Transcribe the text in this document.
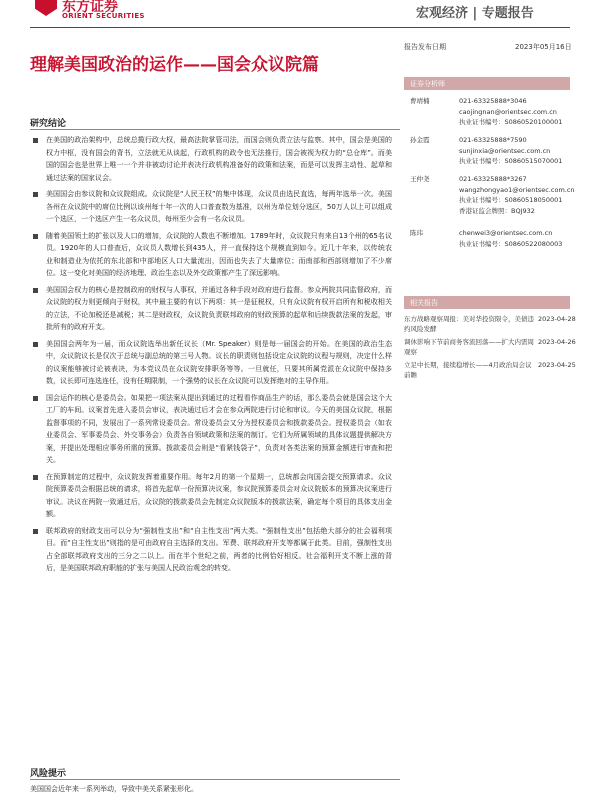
东方证券
ORIENT SECURITIES	宏观经济 | 专题报告
理解美国政治的运作——国会众议院篇
报告发布日期	2023年05月16日
研究结论
在美国的政治架构中，总统总揽行政大权，最高法院掌管司法，而国会则负责立法与监察。其中，国会是美国的权力中枢，没有国会的背书，立法就无从谈起，行政机构的政令也无法推行，国会被视为权力的“总仓库”。而美国的国会也是世界上唯一一个并非被动讨论并表决行政机构准备好的政策和法案，而是可以发挥主动性、起草和通过法案的国家议会。
美国国会由参议院和众议院组成。众议院是“人民王权”的集中体现，众议员由选民直选，每两年选举一次。美国各州在众议院中的席位比例以该州每十年一次的人口普查数为基准，以州为单位划分选区，50万人以上可以组成一个选区，一个选区产生一名众议员，每州至少会有一名众议员。
随着美国领土的扩张以及人口的增加，众议院的人数也不断增加。1789年时，众议院只有来自13个州的65名议员。1920年的人口普查后，众议员人数增长到435人，并一直保持这个规模直到如今。近几十年来，以传统农业和制造业为依托的东北部和中部地区人口大量流出，因而也失去了大量席位；而南部和西部则增加了不少席位。这一变化对美国的经济地理、政治生态以及外交政策都产生了深远影响。
美国国会权力的核心是控制政府的财权与人事权，并通过各种手段对政府进行监督。参众两院共同监督政府，而众议院的权力则更倾向于财权，其中最主要的有以下两项：其一是征税权，只有众议院有权开启所有和税收相关的立法，不论加税还是减税；其二是财政权，众议院负责联邦政府的财政预算的起草和后续拨款法案的发起，审批所有的政府开支。
美国国会两年为一届，而众议院选举出新任议长（Mr. Speaker）则是每一届国会的开始。在美国的政治生态中，众议院议长是仅次于总统与副总统的第三号人物。议长的职责则包括设定众议院的议程与规则，决定什么样的议案能够被讨论被表决，为本党议员在众议院安排职务等等。一旦就任，只要其所属党派在众议院中保持多数，议长即可连选连任，没有任期限制，一个强势的议长在众议院可以发挥绝对的主导作用。
国会运作的核心是委员会。如果把一项法案从提出到通过的过程看作商品生产的话，那么委员会就是国会这个大工厂的车间。议案首先进入委员会审议，表决通过后才会在参众两院进行讨论和审议。今天的美国众议院，根据监督事项的不同，发展出了一系列常设委员会。常设委员会又分为授权委员会和拨款委员会。授权委员会（如农业委员会、军事委员会、外交事务会）负责各自领域政策和法案的制订。它们为所属领域的具体议题提供解决方案，并提出处理相应事务所需的预算。拨款委员会则是“看紧钱袋子”，负责对各类法案的预算金额进行审查和把关。
在预算制定的过程中，众议院发挥着重要作用。每年2月的第一个星期一，总统都会向国会提交预算请求。众议院预算委员会根据总统的请求，将首先起草一份预算决议案，参议院预算委员会对众议院版本的预算决议案进行审议。决议在两院一致通过后，众议院的拨款委员会先制定众议院版本的拨款法案，确定每个项目的具体支出金额。
联邦政府的财政支出可以分为“强制性支出”和“自主性支出”两大类。“强制性支出”包括绝大部分的社会福利项目。而“自主性支出”则指的是可由政府自主选择的支出。军费、联邦政府开支等都属于此类。目前，强制性支出占全部联邦政府支出的三分之二以上。而在半个世纪之前，两者的比例恰好相反。社会福利开支不断上涨的背后，是美国联邦政府职能的扩张与美国人民政治观念的转变。
风险提示
美国国会近年来一系列举动，导致中美关系紧张形化。
证券分析师
曹靖楠	021-63325888*3046
caojingnan@orientsec.com.cn
执业证书编号：S0860520100001
孙金霞	021-63325888*7590
sunjinxia@orientsec.com.cn
执业证书编号：S0860515070001
王仲尧	021-63325888*3267
wangzhongyao1@orientsec.com.cn
执业证书编号：S0860518050001
香港证监会牌照：BQJ932
陈玮	chenwei3@orientsec.com.cn
执业证书编号：S0860522080003
相关报告
东方战略观察周报：美对华投资限令，美债违约风险发酵
2023-04-28
调休影响下节前商务客流回落——扩大内需周观察
2023-04-26
立足中长期，接续稳增长——4月政治局会议前瞻
2023-04-25
